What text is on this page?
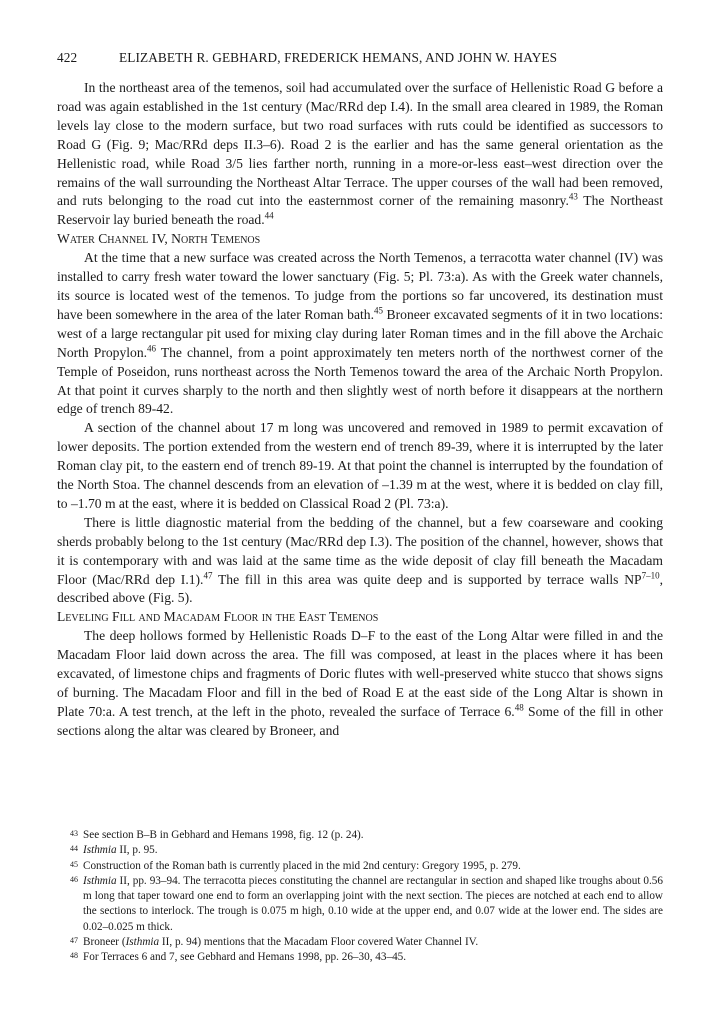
422	ELIZABETH R. GEBHARD, FREDERICK HEMANS, AND JOHN W. HAYES

In the northeast area of the temenos, soil had accumulated over the surface of Hellenistic Road G before a road was again established in the 1st century (Mac/RRd dep I.4). In the small area cleared in 1989, the Roman levels lay close to the modern surface, but two road surfaces with ruts could be identified as successors to Road G (Fig. 9; Mac/RRd deps II.3–6). Road 2 is the earlier and has the same general orientation as the Hellenistic road, while Road 3/5 lies farther north, running in a more-or-less east–west direction over the remains of the wall surrounding the Northeast Altar Terrace. The upper courses of the wall had been removed, and ruts belonging to the road cut into the easternmost corner of the remaining masonry.$^{43}$ The Northeast Reservoir lay buried beneath the road.$^{44}$

Water Channel IV, North Temenos

At the time that a new surface was created across the North Temenos, a terracotta water channel (IV) was installed to carry fresh water toward the lower sanctuary (Fig. 5; Pl. 73:a). As with the Greek water channels, its source is located west of the temenos. To judge from the portions so far uncovered, its destination must have been somewhere in the area of the later Roman bath.$^{45}$ Broneer excavated segments of it in two locations: west of a large rectangular pit used for mixing clay during later Roman times and in the fill above the Archaic North Propylon.$^{46}$ The channel, from a point approximately ten meters north of the northwest corner of the Temple of Poseidon, runs northeast across the North Temenos toward the area of the Archaic North Propylon. At that point it curves sharply to the north and then slightly west of north before it disappears at the northern edge of trench 89-42.

A section of the channel about 17 m long was uncovered and removed in 1989 to permit excavation of lower deposits. The portion extended from the western end of trench 89-39, where it is interrupted by the later Roman clay pit, to the eastern end of trench 89-19. At that point the channel is interrupted by the foundation of the North Stoa. The channel descends from an elevation of –1.39 m at the west, where it is bedded on clay fill, to –1.70 m at the east, where it is bedded on Classical Road 2 (Pl. 73:a).

There is little diagnostic material from the bedding of the channel, but a few coarseware and cooking sherds probably belong to the 1st century (Mac/RRd dep I.3). The position of the channel, however, shows that it is contemporary with and was laid at the same time as the wide deposit of clay fill beneath the Macadam Floor (Mac/RRd dep I.1).$^{47}$ The fill in this area was quite deep and is supported by terrace walls NP$^{7-10}$, described above (Fig. 5).

Leveling Fill and Macadam Floor in the East Temenos

The deep hollows formed by Hellenistic Roads D–F to the east of the Long Altar were filled in and the Macadam Floor laid down across the area. The fill was composed, at least in the places where it has been excavated, of limestone chips and fragments of Doric flutes with well-preserved white stucco that shows signs of burning. The Macadam Floor and fill in the bed of Road E at the east side of the Long Altar is shown in Plate 70:a. A test trench, at the left in the photo, revealed the surface of Terrace 6.48 Some of the fill in other sections along the altar was cleared by Broneer, and

43 See section B–B in Gebhard and Hemans 1998, fig. 12 (p. 24).

44 Isthmia II, p. 95.

45 Construction of the Roman bath is currently placed in the mid 2nd century: Gregory 1995, p. 279.

46 Isthmia II, pp. 93–94. The terracotta pieces constituting the channel are rectangular in section and shaped like troughs about 0.56 m long that taper toward one end to form an overlapping joint with the next section. The pieces are notched at each end to allow the sections to interlock. The trough is 0.075 m high, 0.10 wide at the upper end, and 0.07 wide at the lower end. The sides are 0.02–0.025 m thick.

47 Broneer (Isthmia II, p. 94) mentions that the Macadam Floor covered Water Channel IV.

48 For Terraces 6 and 7, see Gebhard and Hemans 1998, pp. 26–30, 43–45.
